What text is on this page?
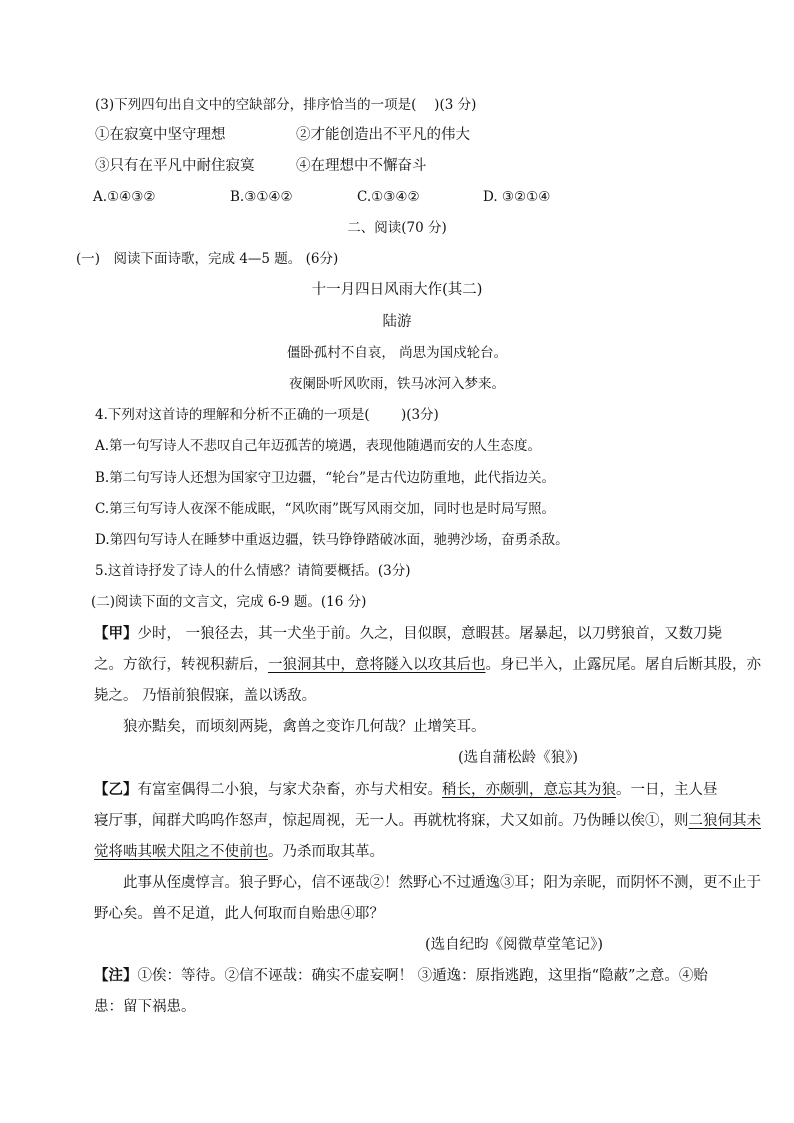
(3)下列四句出自文中的空缺部分，排序恰当的一项是(　 )(3 分)
①在寂寞中坚守理想	②才能创造出不平凡的伟大
③只有在平凡中耐住寂寞	④在理想中不懈奋斗
A.①④③②	B.③①④②	C.①③④②	D. ③②①④
二、阅读(70 分)
(一)　阅读下面诗歌，完成 4—5 题。 (6分)
十一月四日风雨大作(其二)
陆游
僵卧孤村不自哀， 尚思为国戍轮台。
夜阑卧听风吹雨，铁马冰河入梦来。
4.下列对这首诗的理解和分析不正确的一项是(　　 )(3分)
A.第一句写诗人不悲叹自己年迈孤苦的境遇，表现他随遇而安的人生态度。
B.第二句写诗人还想为国家守卫边疆，“轮台”是古代边防重地，此代指边关。
C.第三句写诗人夜深不能成眠，“风吹雨”既写风雨交加，同时也是时局写照。
D.第四句写诗人在睡梦中重返边疆，铁马铮铮踏破冰面，驰骋沙场，奋勇杀敌。
5.这首诗抒发了诗人的什么情感？请简要概括。(3分)
(二)阅读下面的文言文，完成 6-9 题。(16 分)
【甲】少时， 一狼径去，其一犬坐于前。久之，目似瞑，意暇甚。屠暴起，以刀劈狼首，又数刀毙
之。方欲行，转视积薪后，一狼洞其中，意将隧入以攻其后也。身已半入，止露尻尾。屠自后断其股，亦
毙之。 乃悟前狼假寐，盖以诱敌。
狼亦黠矣，而顷刻两毙，禽兽之变诈几何哉？止增笑耳。
(选自蒲松龄《狼》)
【乙】有富室偶得二小狼，与家犬杂畜，亦与犬相安。稍长，亦颇驯，意忘其为狼。一日，主人昼
寝厅事，闻群犬呜呜作怒声，惊起周视，无一人。再就枕将寐，犬又如前。乃伪睡以俟①，则二狼伺其未
觉将啮其喉犬阻之不使前也。乃杀而取其革。
此事从侄虞惇言。狼子野心，信不诬哉②！然野心不过遁逸③耳；阳为亲昵，而阴怀不测，更不止于
野心矣。兽不足道，此人何取而自贻患④耶？
(选自纪昀《阅微草堂笔记》)
【注】①俟：等待。②信不诬哉：确实不虚妄啊！ ③遁逸：原指逃跑，这里指“隐蔽”之意。④贻
患：留下祸患。
